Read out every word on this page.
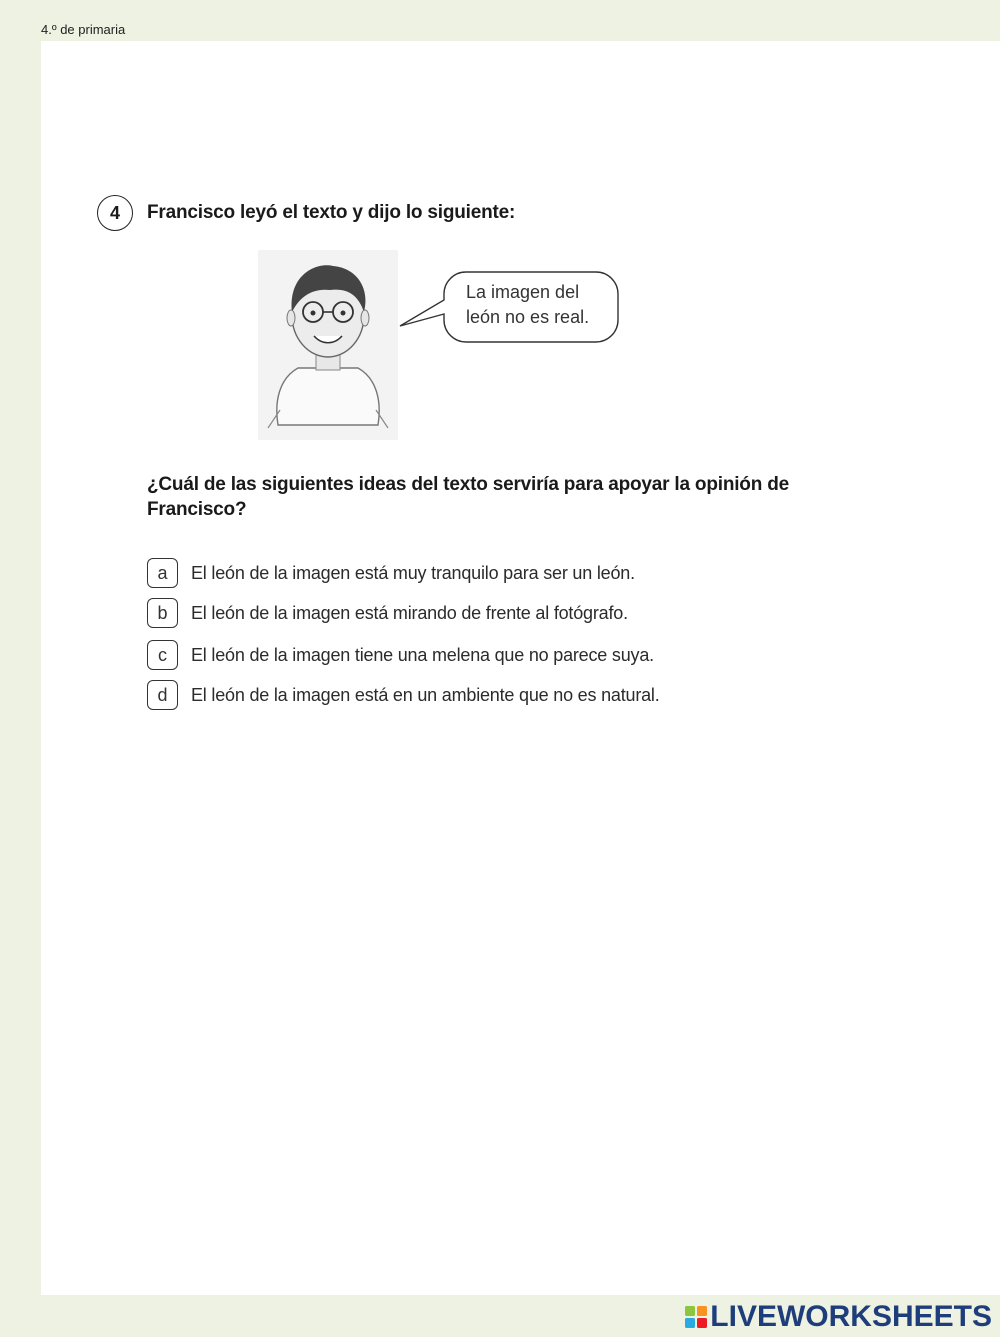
4.º de primaria
4	Francisco leyó el texto y dijo lo siguiente:
La imagen del león no es real.
¿Cuál de las siguientes ideas del texto serviría para apoyar la opinión de Francisco?
a	El león de la imagen está muy tranquilo para ser un león.
b	El león de la imagen está mirando de frente al fotógrafo.
c	El león de la imagen tiene una melena que no parece suya.
d	El león de la imagen está en un ambiente que no es natural.
LIVEWORKSHEETS
